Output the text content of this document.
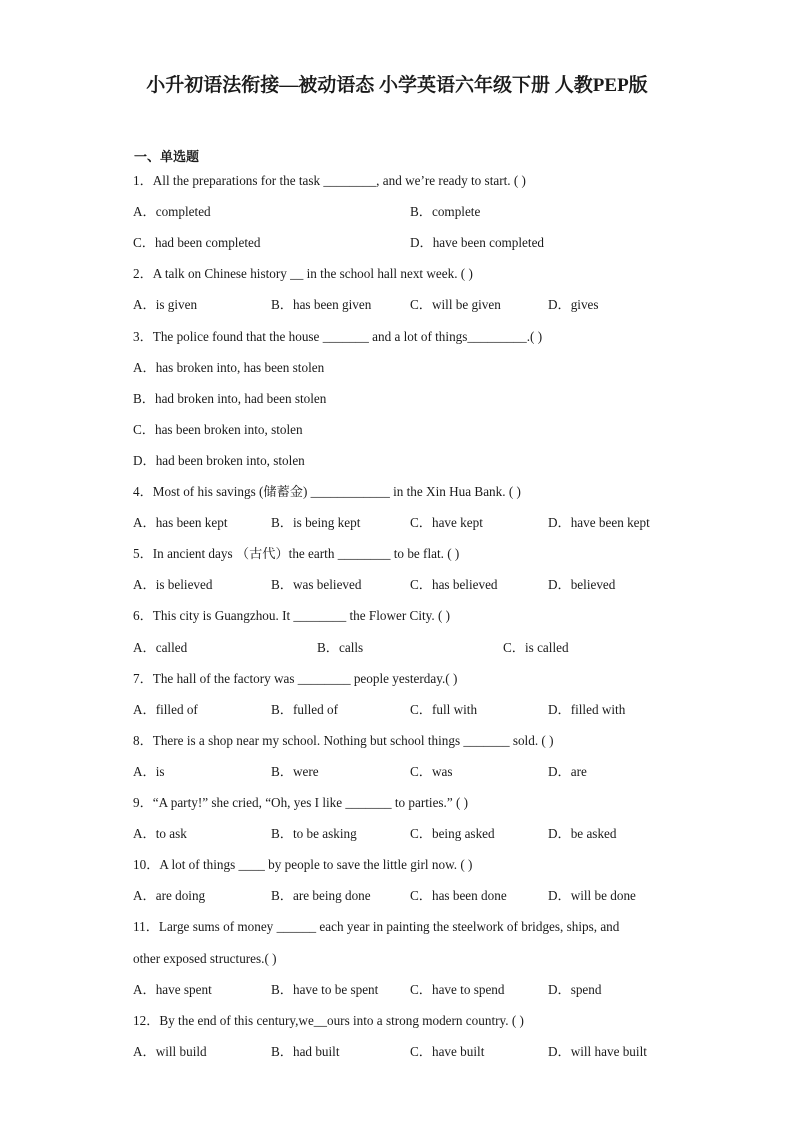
小升初语法衔接—被动语态 小学英语六年级下册 人教PEP版
一、单选题
1．All the preparations for the task ________, and we’re ready to start. ( )
A．completed	B．complete
C．had been completed	D．have been completed
2．A talk on Chinese history __ in the school hall next week. ( )
A．is given	B．has been given	C．will be given	D．gives
3．The police found that the house _______ and a lot of things_________.( )
A．has broken into, has been stolen
B．had broken into, had been stolen
C．has been broken into, stolen
D．had been broken into, stolen
4．Most of his savings (储蓄金) ____________ in the Xin Hua Bank. ( )
A．has been kept	B．is being kept	C．have kept	D．have been kept
5．In ancient days （古代）the earth ________ to be flat. ( )
A．is believed	B．was believed	C．has believed	D．believed
6．This city is Guangzhou. It ________ the Flower City. ( )
A．called	B．calls	C．is called
7．The hall of the factory was ________ people yesterday.( )
A．filled of	B．fulled of	C．full with	D．filled with
8．There is a shop near my school. Nothing but school things _______ sold. ( )
A．is	B．were	C．was	D．are
9．“A party!” she cried, “Oh, yes I like _______ to parties.” ( )
A．to ask	B．to be asking	C．being asked	D．be asked
10．A lot of things ____ by people to save the little girl now. ( )
A．are doing	B．are being done	C．has been done	D．will be done
11．Large sums of money ______ each year in painting the steelwork of bridges, ships, and
other exposed structures.( )
A．have spent	B．have to be spent C．have to spend	D．spend
12．By the end of this century,we__ours into a strong modern country. ( )
A．will build	B．had built	C．have built	D．will have built
